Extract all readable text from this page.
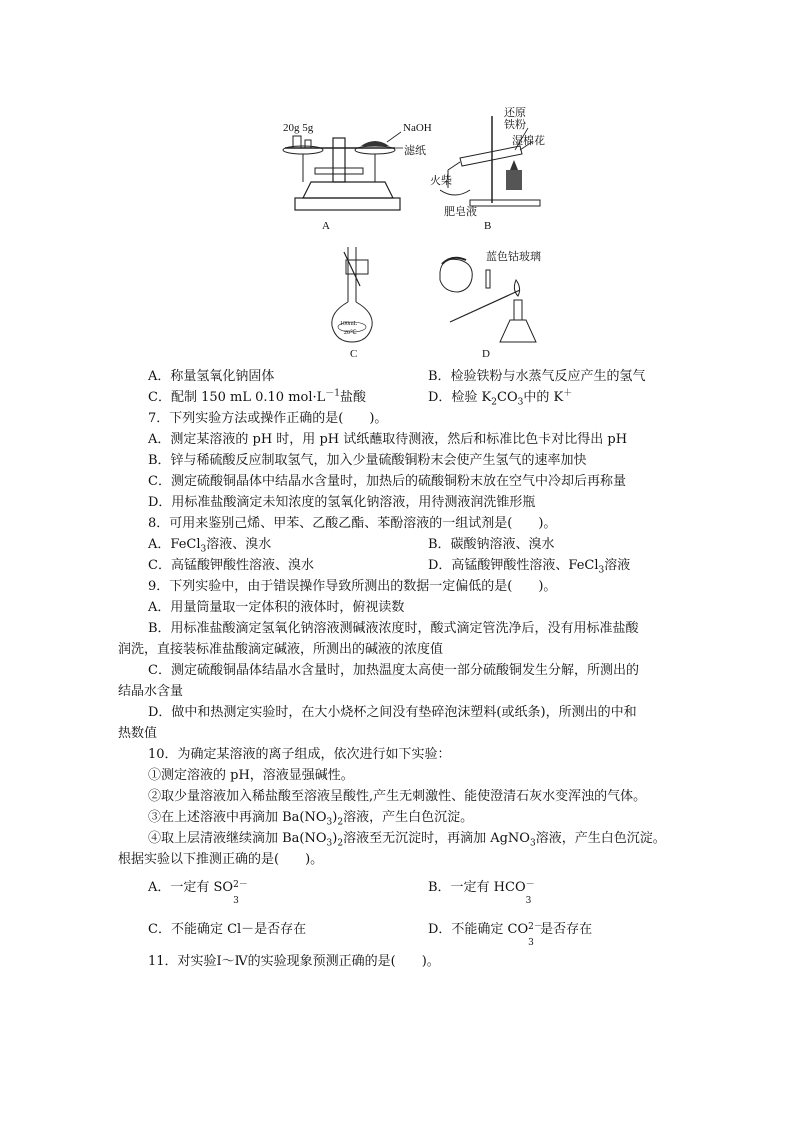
20g 5g	NaOH
滤纸
A
还原
铁粉
湿棉花
火柴
肥皂液
B
100mL
20℃
C
蓝色钴玻璃
D
A．称量氢氧化钠固体	B．检验铁粉与水蒸气反应产生的氢气
C．配制 150 mL 0.10 $mol\cdot L^{-1}$盐酸	D．检验 $K_2CO_3$中的 K＋
7．下列实验方法或操作正确的是(　　)。
A．测定某溶液的 pH 时，用 pH 试纸蘸取待测液，然后和标准比色卡对比得出 pH
B．锌与稀硫酸反应制取氢气，加入少量硫酸铜粉末会使产生氢气的速率加快
C．测定硫酸铜晶体中结晶水含量时，加热后的硫酸铜粉末放在空气中冷却后再称量
D．用标准盐酸滴定未知浓度的氢氧化钠溶液，用待测液润洗锥形瓶
8．可用来鉴别己烯、甲苯、乙酸乙酯、苯酚溶液的一组试剂是(　　)。
A．FeCl$_3$溶液、溴水	B．碳酸钠溶液、溴水
C．高锰酸钾酸性溶液、溴水	D．高锰酸钾酸性溶液、FeCl$_3$溶液
9．下列实验中，由于错误操作导致所测出的数据一定偏低的是(　　)。
A．用量筒量取一定体积的液体时，俯视读数
B．用标准盐酸滴定氢氧化钠溶液测碱液浓度时，酸式滴定管洗净后，没有用标准盐酸
润洗，直接装标准盐酸滴定碱液，所测出的碱液的浓度值
C．测定硫酸铜晶体结晶水含量时，加热温度太高使一部分硫酸铜发生分解，所测出的
结晶水含量
D．做中和热测定实验时，在大小烧杯之间没有垫碎泡沫塑料(或纸条)，所测出的中和
热数值
10．为确定某溶液的离子组成，依次进行如下实验：
①测定溶液的 pH，溶液显强碱性。
②取少量溶液加入稀盐酸至溶液呈酸性,产生无刺激性、能使澄清石灰水变浑浊的气体。
③在上述溶液中再滴加 $Ba(NO_3)_2$溶液，产生白色沉淀。
④取上层清液继续滴加 $Ba(NO_3)_2$溶液至无沉淀时，再滴加 AgNO$_3$溶液，产生白色沉淀。
根据实验以下推测正确的是(　　)。
A．一定有 SO 2－
3
B．一定有 HCO －
3
C．不能确定 Cl－是否存在	D．不能确定 CO 2－
3
是否存在
11．对实验Ⅰ～Ⅳ的实验现象预测正确的是(　　)。
